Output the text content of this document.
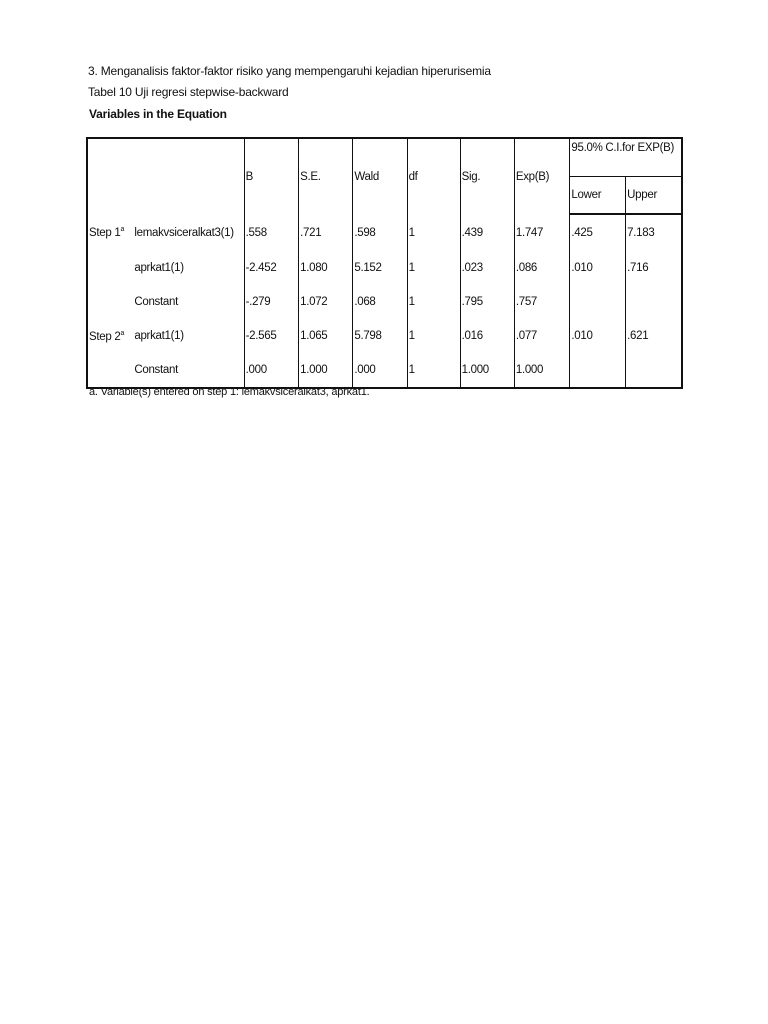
3. Menganalisis faktor-faktor risiko yang mempengaruhi kejadian hiperurisemia
Tabel 10 Uji regresi stepwise-backward
Variables in the Equation
		B	S.E.	Wald	df	Sig.	Exp(B)	95.0% C.I.for EXP(B)	
								Lower	Upper
Step 1$^a$	lemakvsiceralkat3(1)	.558	.721	.598	1	.439	1.747	.425	7.183
	aprkat1(1)	-2.452	1.080	5.152	1	.023	.086	.010	.716
	Constant	-.279	1.072	.068	1	.795	.757		
Step 2$^a$	aprkat1(1)	-2.565	1.065	5.798	1	.016	.077	.010	.621
	Constant	.000	1.000	.000	1	1.000	1.000		
a. Variable(s) entered on step 1: lemakvsiceralkat3, aprkat1.
